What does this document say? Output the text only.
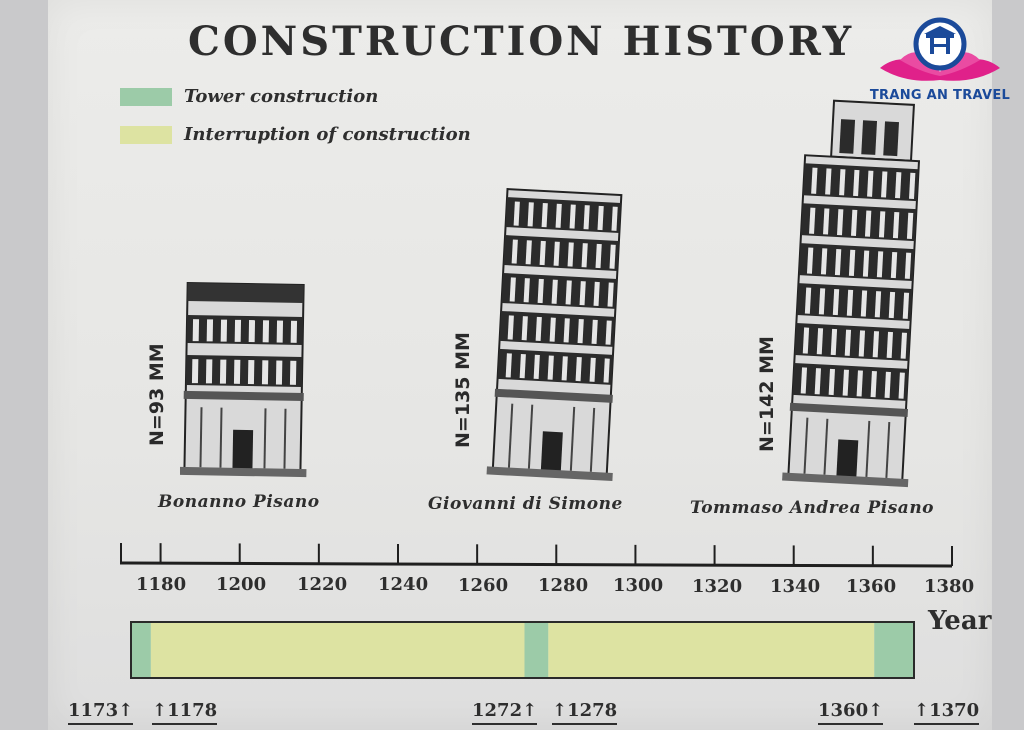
CONSTRUCTION HISTORY
Tower construction
Interruption of construction
TRANG AN TRAVEL
N=93 MM
Bonanno Pisano
N=135 MM
Giovanni di Simone
N=142 MM
Tommaso Andrea Pisano
1180 1200 1220 1240 1260 1280 1300 1320 1340 1360 1380
Year
1173↑ ↑1178	1272↑ ↑1278	1360↑ ↑1370
